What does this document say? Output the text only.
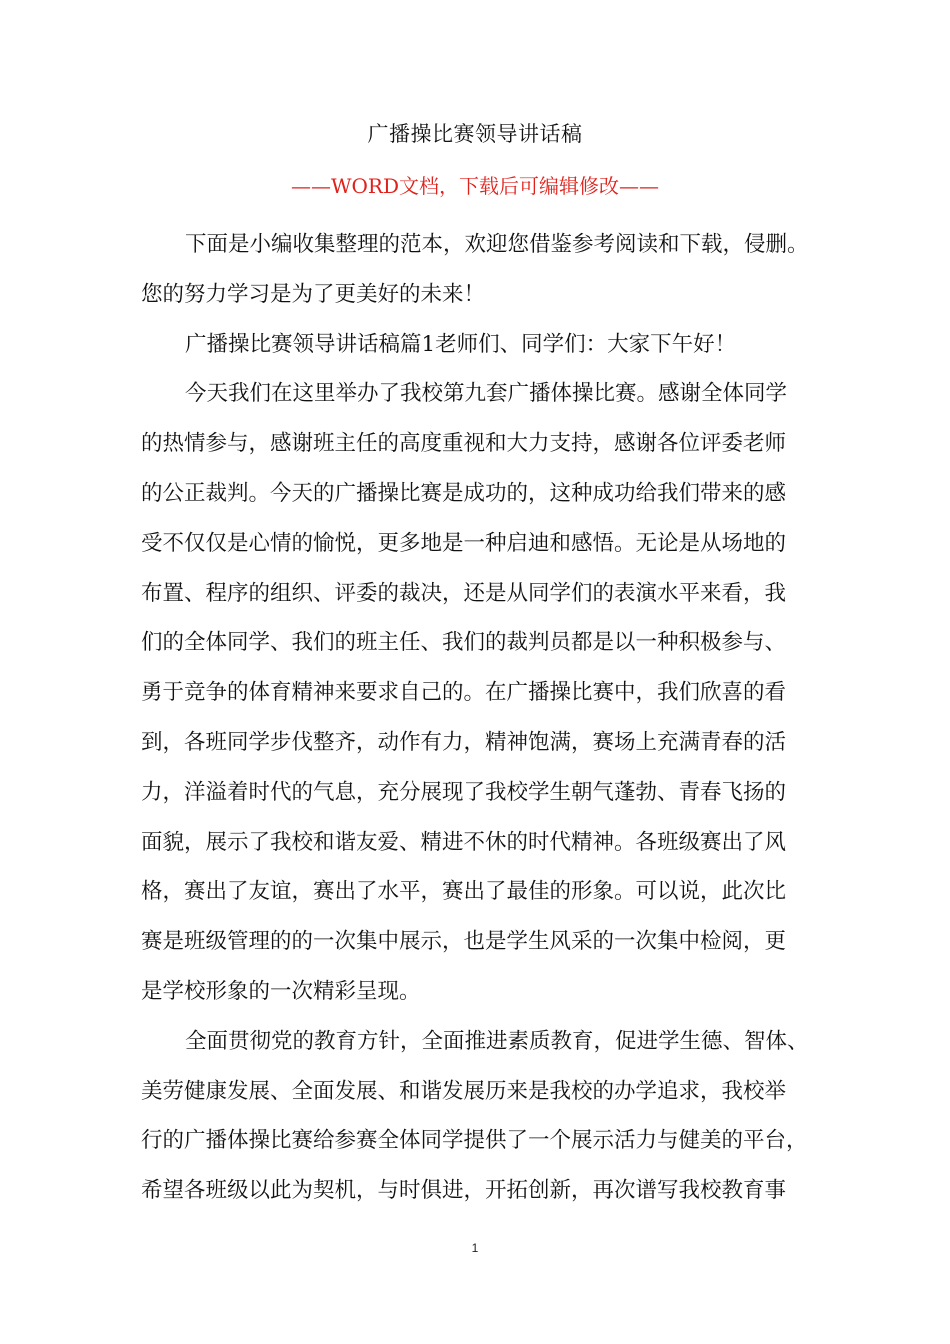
广播操比赛领导讲话稿
——WORD文档，下载后可编辑修改——
下面是小编收集整理的范本，欢迎您借鉴参考阅读和下载，侵删。
您的努力学习是为了更美好的未来！
广播操比赛领导讲话稿篇1老师们、同学们：大家下午好！
今天我们在这里举办了我校第九套广播体操比赛。感谢全体同学
的热情参与，感谢班主任的高度重视和大力支持，感谢各位评委老师
的公正裁判。今天的广播操比赛是成功的，这种成功给我们带来的感
受不仅仅是心情的愉悦，更多地是一种启迪和感悟。无论是从场地的
布置、程序的组织、评委的裁决，还是从同学们的表演水平来看，我
们的全体同学、我们的班主任、我们的裁判员都是以一种积极参与、
勇于竞争的体育精神来要求自己的。在广播操比赛中，我们欣喜的看
到，各班同学步伐整齐，动作有力，精神饱满，赛场上充满青春的活
力，洋溢着时代的气息，充分展现了我校学生朝气蓬勃、青春飞扬的
面貌，展示了我校和谐友爱、精进不休的时代精神。各班级赛出了风
格，赛出了友谊，赛出了水平，赛出了最佳的形象。可以说，此次比
赛是班级管理的的一次集中展示，也是学生风采的一次集中检阅，更
是学校形象的一次精彩呈现。
全面贯彻党的教育方针，全面推进素质教育，促进学生德、智体、
美劳健康发展、全面发展、和谐发展历来是我校的办学追求，我校举
行的广播体操比赛给参赛全体同学提供了一个展示活力与健美的平台，
希望各班级以此为契机，与时俱进，开拓创新，再次谱写我校教育事
1
